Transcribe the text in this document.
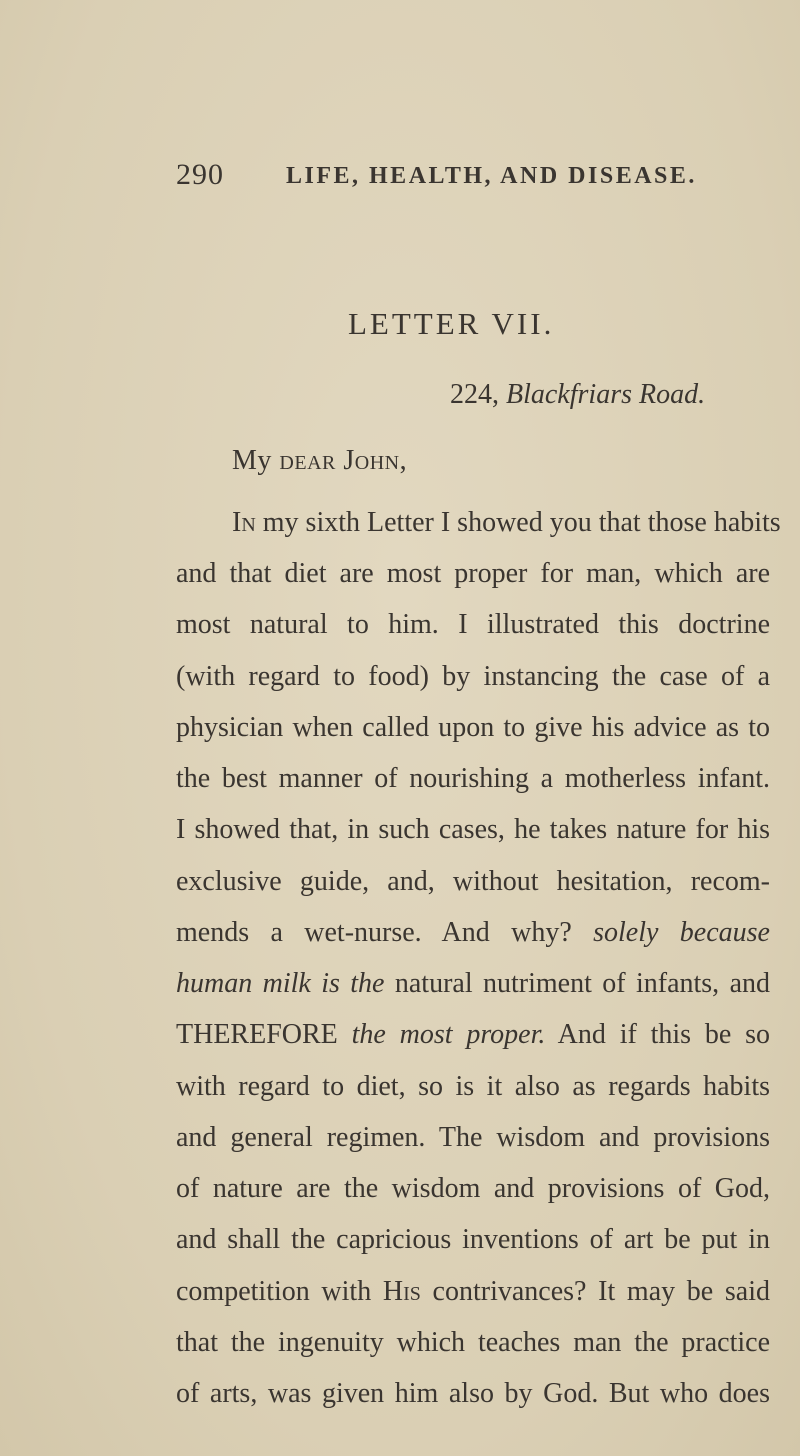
290	LIFE, HEALTH, AND DISEASE.
LETTER VII.
224, Blackfriars Road.
My dear John,
In my sixth Letter I showed you that those habits
and that diet are most proper for man, which are
most natural to him. I illustrated this doctrine
(with regard to food) by instancing the case of a
physician when called upon to give his advice as to
the best manner of nourishing a motherless infant.
I showed that, in such cases, he takes nature for his
exclusive guide, and, without hesitation, recom-
mends a wet-nurse. And why? solely because
human milk is the natural nutriment of infants, and
THEREFORE the most proper. And if this be so
with regard to diet, so is it also as regards habits
and general regimen. The wisdom and provisions
of nature are the wisdom and provisions of God,
and shall the capricious inventions of art be put in
competition with His contrivances? It may be said
that the ingenuity which teaches man the practice
of arts, was given him also by God. But who does
